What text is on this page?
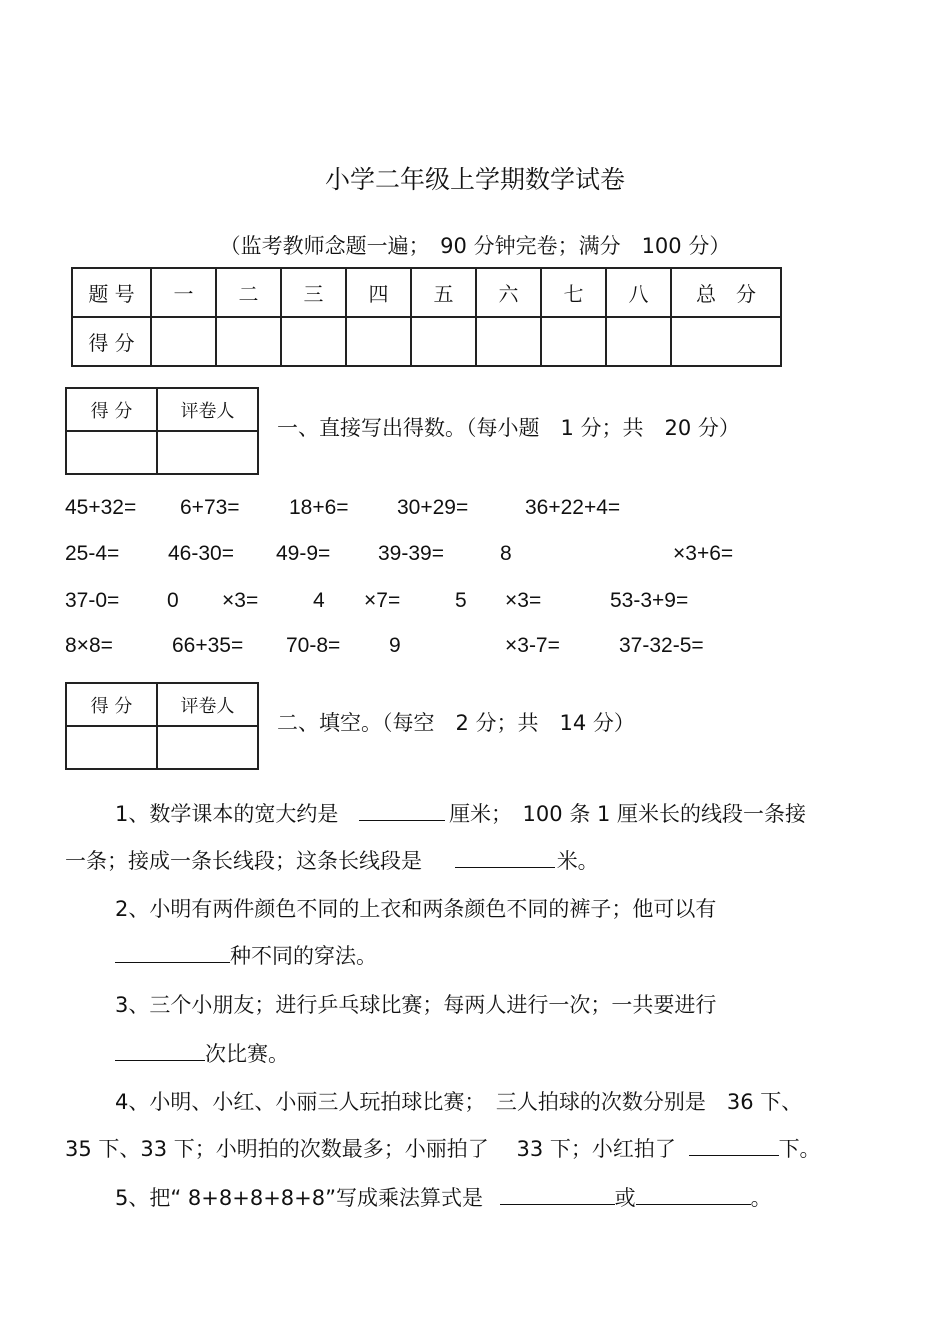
小学二年级上学期数学试卷
（监考教师念题一遍；　90 分钟完卷；满分　100 分）
题 号	一	二	三	四	五	六	七	八	总　分
得 分									
得 分	评卷人

一、直接写出得数。（每小题　1 分；共　20 分）
45+32= 6+73= 18+6= 30+29=	36+22+4=
25-4= 46-30= 49-9= 39-39=	8	×3+6=
37-0= 0 ×3=	4 ×7=	5 ×3=	53-3+9=
8×8=	66+35= 70-8= 9	×3-7=	37-32-5=
得 分	评卷人

二、填空。（每空　2 分；共　14 分）
1、数学课本的宽大约是	厘米；　100 条 1 厘米长的线段一条接
一条；接成一条长线段；这条长线段是	米。
2、小明有两件颜色不同的上衣和两条颜色不同的裤子；他可以有
种不同的穿法。
3、三个小朋友；进行乒乓球比赛；每两人进行一次；一共要进行
次比赛。
4、小明、小红、小丽三人玩拍球比赛；　三人拍球的次数分别是　36 下、
35 下、33 下；小明拍的次数最多；小丽拍了　 33 下；小红拍了	下。
5、把“ 8+8+8+8+8”写成乘法算式是	或	。
